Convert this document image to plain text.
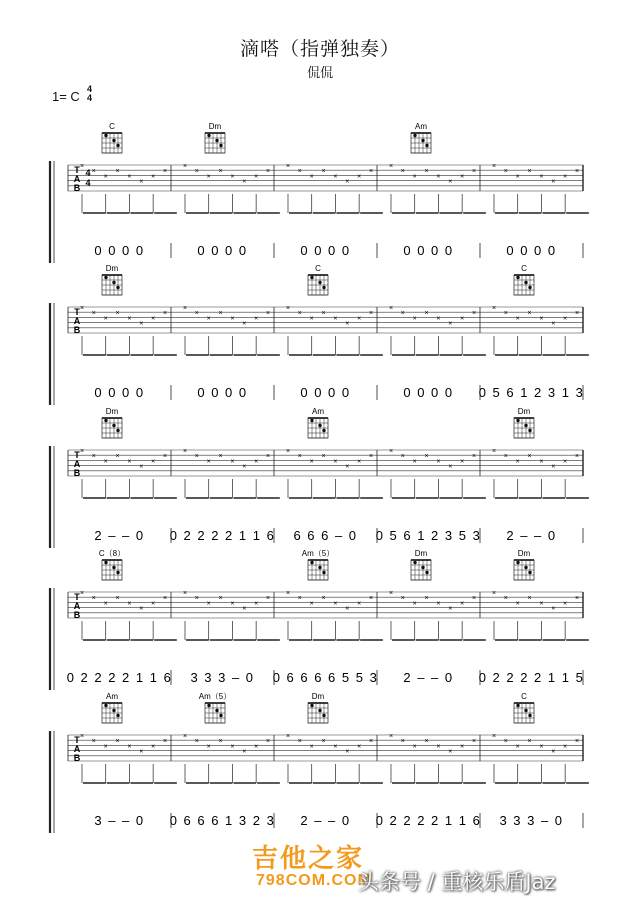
滴嗒（指弹独奏）
侃侃
1= C 4
4
T
A
B
4
4
×
×
×
×
×
×
×
×
0 0 0 0
×
×
×
×
×
×
×
×
0 0 0 0
×
×
×
×
×
×
×
×
0 0 0 0
×
×
×
×
×
×
×
×
0 0 0 0
×
×
×
×
×
×
×
×
0 0 0 0
C	Dm	Am
T
A
B
×
×
×
×
×
×
×
×
0 0 0 0
×
×
×
×
×
×
×
×
0 0 0 0
×
×
×
×
×
×
×
×
0 0 0 0
×
×
×
×
×
×
×
×
0 0 0 0
×
×
×
×
×
×
×
×
0 5 6 1 2 3 1 3
Dm	C	C
T
A
B
×
×
×
×
×
×
×
×
2 – – 0
×
×
×
×
×
×
×
×
0 2 2 2 2 1 1 6
×
×
×
×
×
×
×
×
6 6 6 – 0
×
×
×
×
×
×
×
×
0 5 6 1 2 3 5 3
×
×
×
×
×
×
×
×
2 – – 0
Dm	Am	Dm
T
A
B
×
×
×
×
×
×
×
×
0 2 2 2 2 1 1 6
×
×
×
×
×
×
×
×
3 3 3 – 0
×
×
×
×
×
×
×
×
0 6 6 6 6 5 5 3
×
×
×
×
×
×
×
×
2 – – 0
×
×
×
×
×
×
×
×
0 2 2 2 2 1 1 5
C（8）	Am（5）	Dm	Dm
T
A
B
×
×
×
×
×
×
×
×
3 – – 0
×
×
×
×
×
×
×
×
0 6 6 6 1 3 2 3
×
×
×
×
×
×
×
×
2 – – 0
×
×
×
×
×
×
×
×
0 2 2 2 2 1 1 6
×
×
×
×
×
×
×
×
3 3 3 – 0
Am	Am（5）	Dm	C
吉他之家
798COM.COM
头条号 / 重核乐盾Jaz
